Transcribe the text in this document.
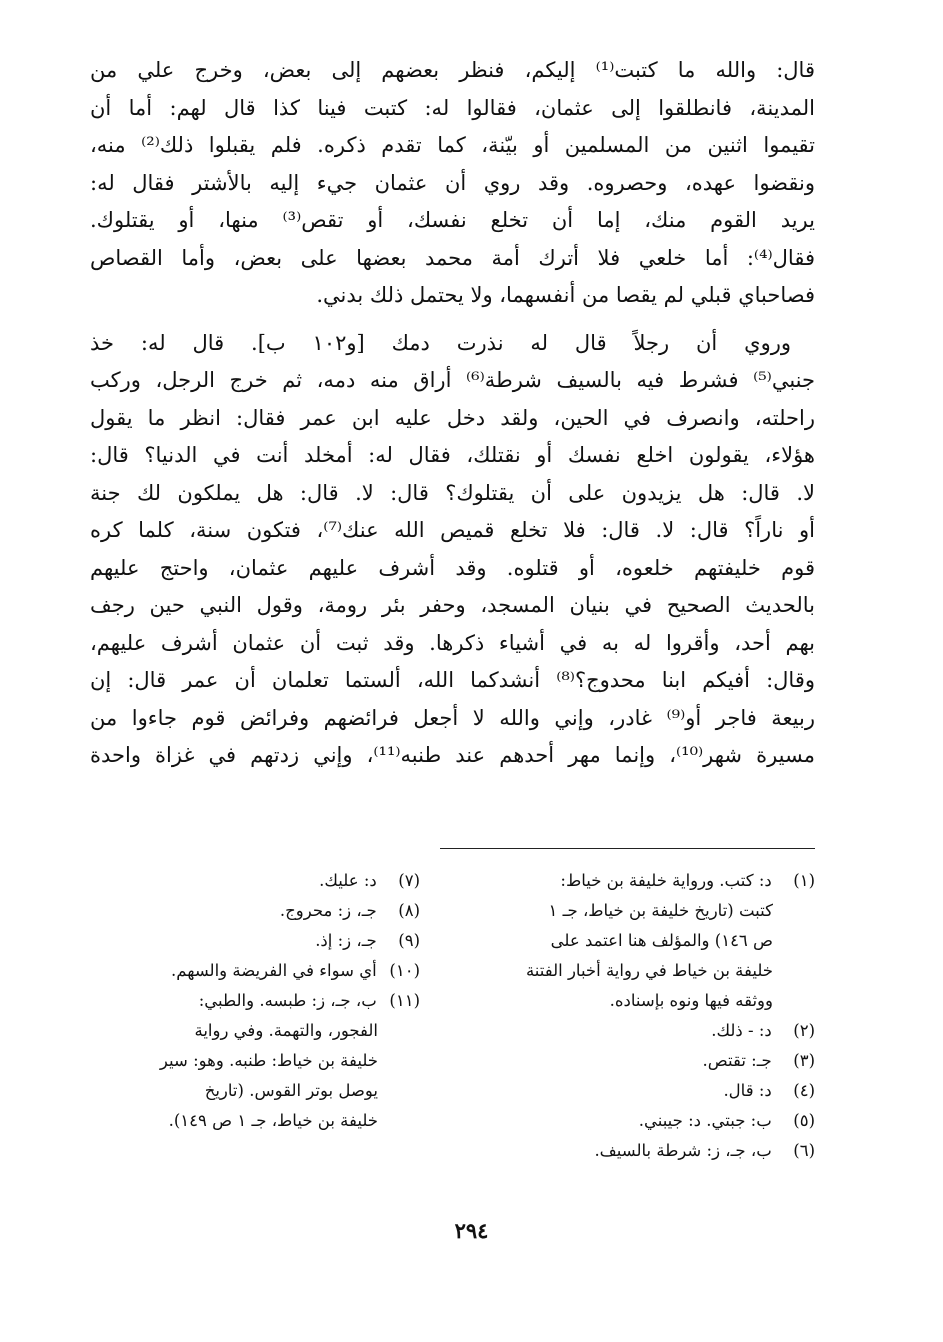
قال: والله ما كتبت⁽¹⁾ إليكم، فنظر بعضهم إلى بعض، وخرج علي من
المدينة، فانطلقوا إلى عثمان، فقالوا له: كتبت فينا كذا قال لهم: أما أن
تقيموا اثنين من المسلمين أو بيّنة، كما تقدم ذكره. فلم يقبلوا ذلك⁽²⁾ منه،
ونقضوا عهده، وحصروه. وقد روي أن عثمان جيء إليه بالأشتر فقال له:
يريد القوم منك، إما أن تخلع نفسك، أو تقص⁽³⁾ منها، أو يقتلوك.
فقال⁽⁴⁾: أما خلعي فلا أترك أمة محمد بعضها على بعض، وأما القصاص
فصاحباي قبلي لم يقصا من أنفسهما، ولا يحتمل ذلك بدني.
وروي أن رجلاً قال له نذرت دمك [و١٠٢ ب]. قال له: خذ
جنبي⁽⁵⁾ فشرط فيه بالسيف شرطة⁽⁶⁾ أراق منه دمه، ثم خرج الرجل، وركب
راحلته، وانصرف في الحين، ولقد دخل عليه ابن عمر فقال: انظر ما يقول
هؤلاء، يقولون اخلع نفسك أو نقتلك، فقال له: أمخلد أنت في الدنيا؟ قال:
لا. قال: هل يزيدون على أن يقتلوك؟ قال: لا. قال: هل يملكون لك جنة
أو ناراً؟ قال: لا. قال: فلا تخلع قميص الله عنك⁽⁷⁾، فتكون سنة، كلما كره
قوم خليفتهم خلعوه، أو قتلوه. وقد أشرف عليهم عثمان، واحتج عليهم
بالحديث الصحيح في بنيان المسجد، وحفر بئر رومة، وقول النبي حين رجف
بهم أحد، وأقروا له به في أشياء ذكرها. وقد ثبت أن عثمان أشرف عليهم،
وقال: أفيكم ابنا محدوج؟⁽⁸⁾ أنشدكما الله، ألستما تعلمان أن عمر قال: إن
ربيعة فاجر أو⁽⁹⁾ غادر، وإني والله لا أجعل فرائضهم وفرائض قوم جاءوا من
مسيرة شهر⁽¹⁰⁾، وإنما مهر أحدهم عند طنبه⁽¹¹⁾، وإني زدتهم في غزاة واحدة

(١) د: كتب. ورواية خليفة بن خياط:

كتبت (تاريخ خليفة بن خياط، جـ ١

ص ١٤٦) والمؤلف هنا اعتمد على

خليفة بن خياط في رواية أخبار الفتنة

ووثقه فيها ونوه بإسناده.

(٢) د: - ذلك.

(٣) جـ: تقتص.

(٤) د: قال.

(٥) ب: جبتي. د: جيبني.

(٦) ب، جـ، ز: شرطة بالسيف.

(٧) د: عليك.

(٨) جـ، ز: محروج.

(٩) جـ، ز: إذ.

(١٠) أي سواء في الفريضة والسهم.

(١١) ب، جـ، ز: طبسه. والطبي:

الفجور، والتهمة. وفي رواية

خليفة بن خياط: طنبه. وهو: سير

يوصل بوتر القوس. (تاريخ

خليفة بن خياط، جـ ١ ص ١٤٩).

٢٩٤
